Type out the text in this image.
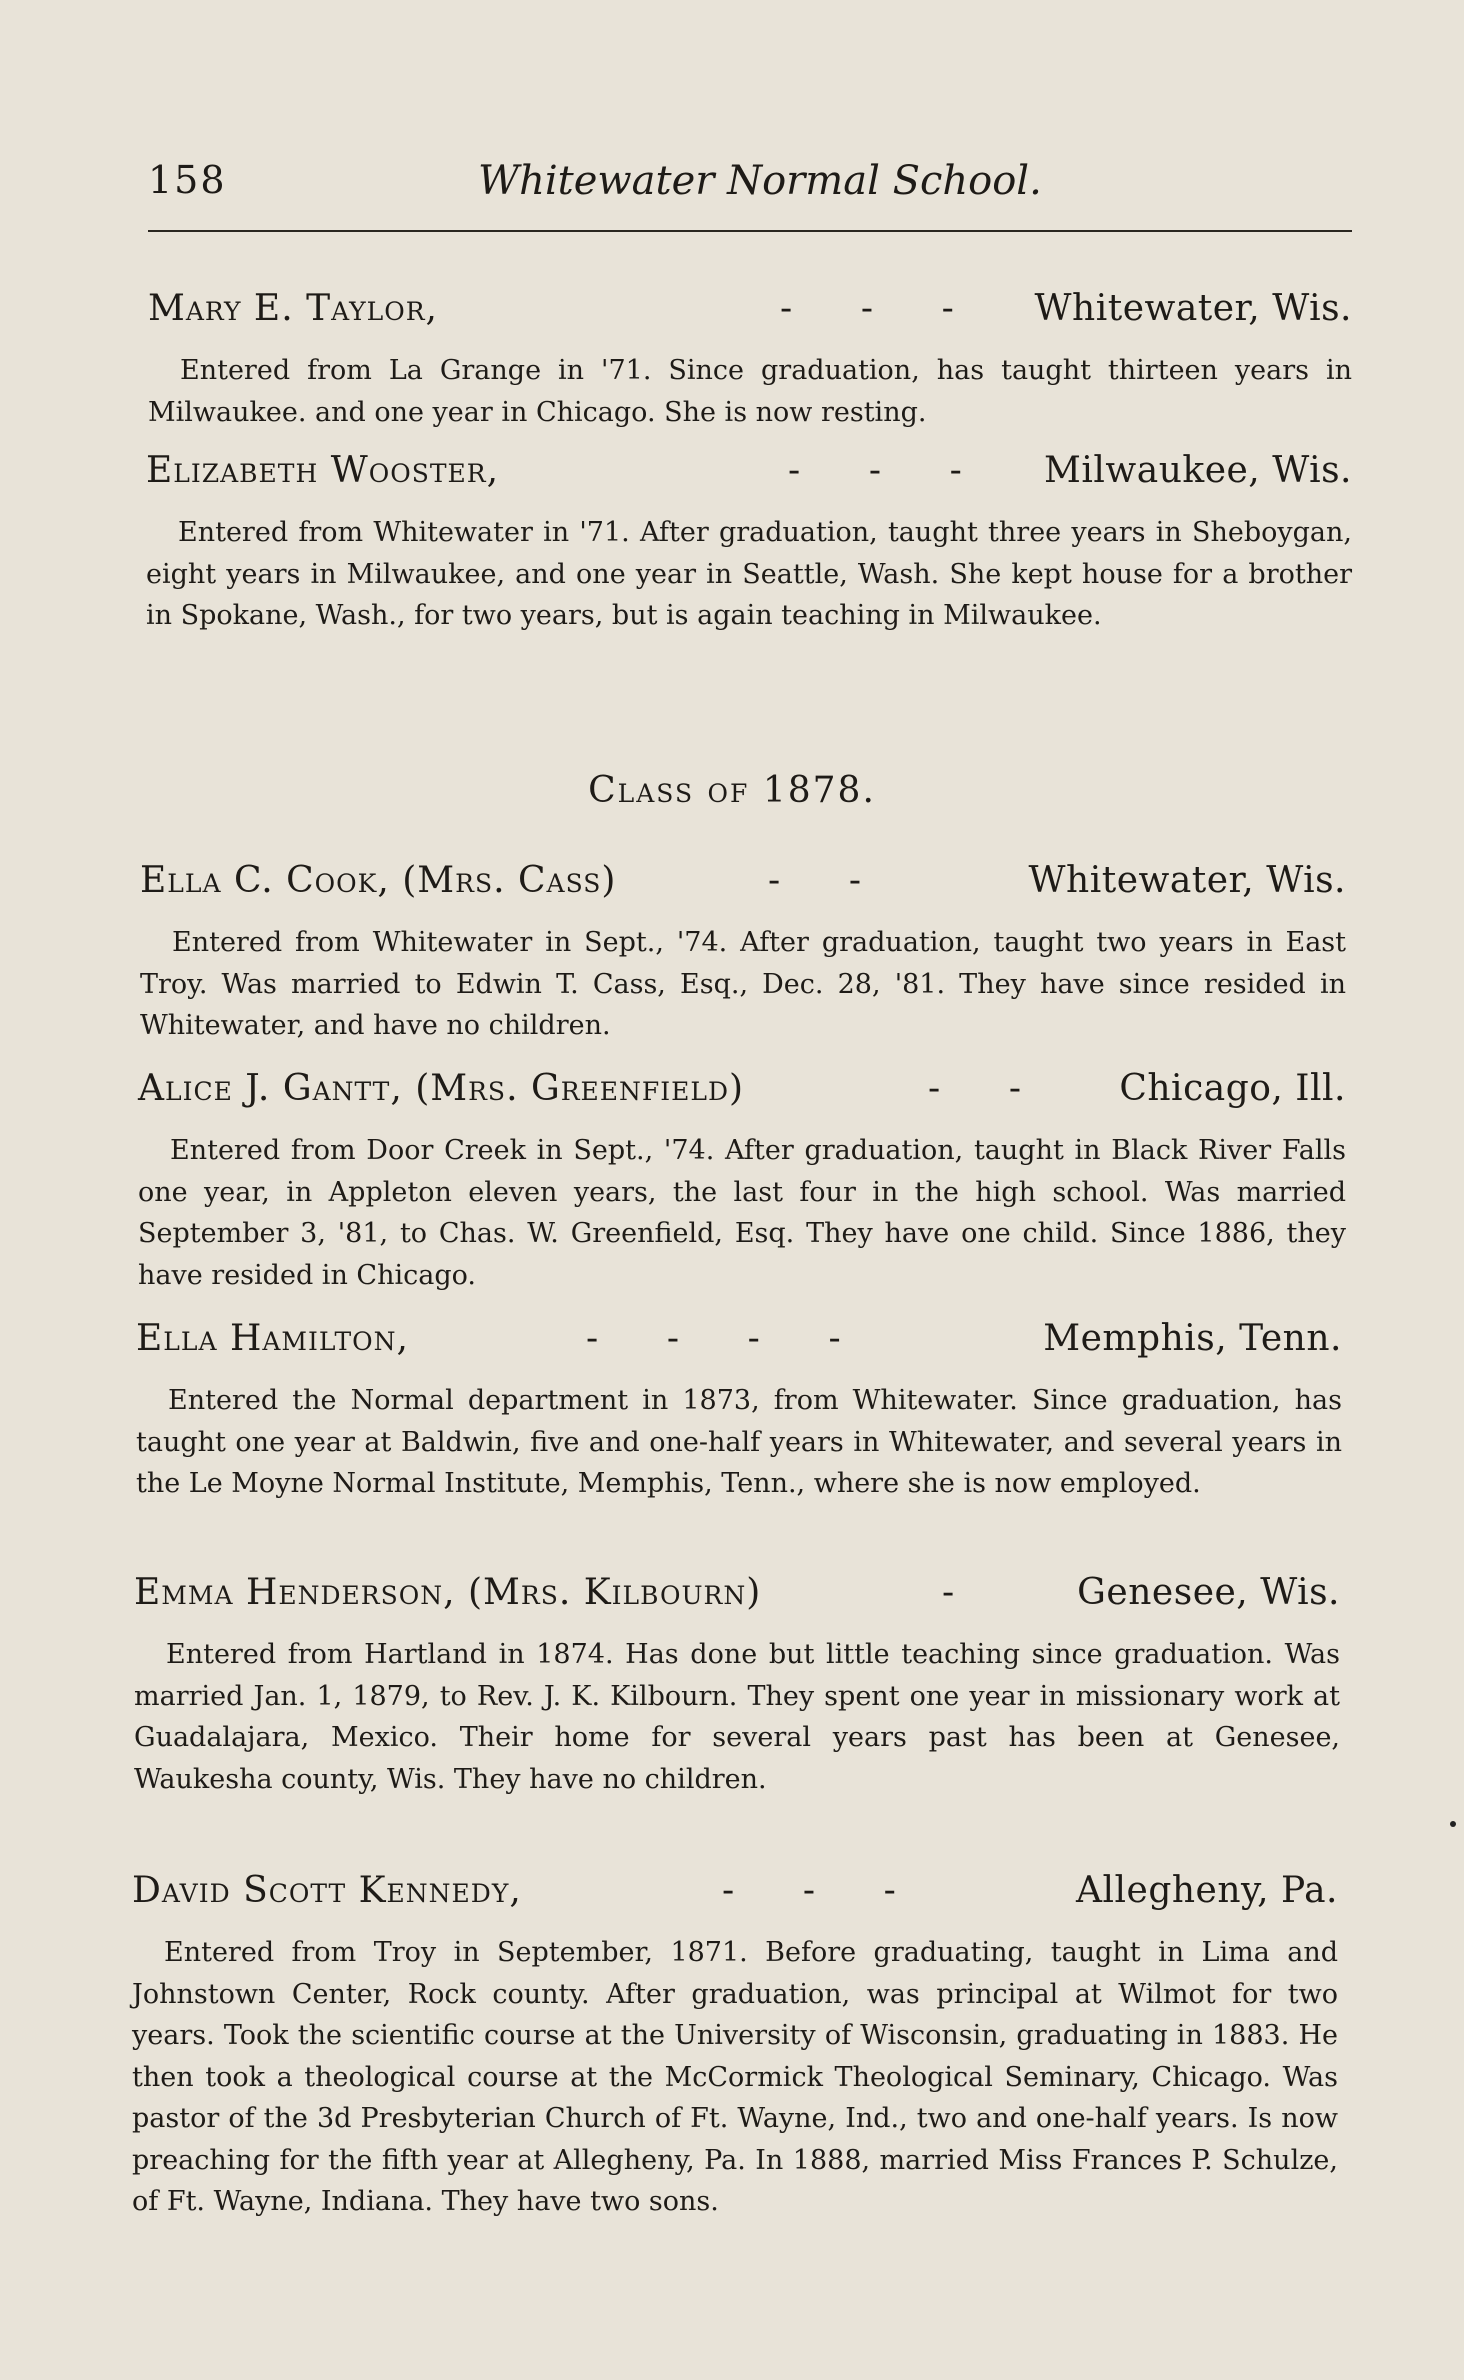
158	Whitewater Normal School.
Mary E. Taylor,	-      -      - Whitewater, Wis.
Entered from La Grange in '71. Since graduation, has taught thirteen years in Milwaukee. and one year in Chicago. She is now resting.
Elizabeth Wooster,	-      -      - Milwaukee, Wis.
Entered from Whitewater in '71. After graduation, taught three years in Sheboygan, eight years in Milwaukee, and one year in Seattle, Wash. She kept house for a brother in Spokane, Wash., for two years, but is again teaching in Milwaukee.
Class of 1878.
Ella C. Cook, (Mrs. Cass)	-      -	Whitewater, Wis.
Entered from Whitewater in Sept., '74. After graduation, taught two years in East Troy. Was married to Edwin T. Cass, Esq., Dec. 28, '81. They have since resided in Whitewater, and have no children.
Alice J. Gantt, (Mrs. Greenfield)	-      -	Chicago, Ill.
Entered from Door Creek in Sept., '74. After graduation, taught in Black River Falls one year, in Appleton eleven years, the last four in the high school. Was married September 3, '81, to Chas. W. Greenfield, Esq. They have one child. Since 1886, they have resided in Chicago.
Ella Hamilton,	-      -      -      -	Memphis, Tenn.
Entered the Normal department in 1873, from Whitewater. Since graduation, has taught one year at Baldwin, five and one-half years in Whitewater, and several years in the Le Moyne Normal Institute, Memphis, Tenn., where she is now employed.
Emma Henderson, (Mrs. Kilbourn)	-	Genesee, Wis.
Entered from Hartland in 1874. Has done but little teaching since graduation. Was married Jan. 1, 1879, to Rev. J. K. Kilbourn. They spent one year in missionary work at Guadalajara, Mexico. Their home for several years past has been at Genesee, Waukesha county, Wis. They have no children.
David Scott Kennedy,	-      -      -	Allegheny, Pa.
Entered from Troy in September, 1871. Before graduating, taught in Lima and Johnstown Center, Rock county. After graduation, was principal at Wilmot for two years. Took the scientific course at the University of Wisconsin, graduating in 1883. He then took a theological course at the McCormick Theological Seminary, Chicago. Was pastor of the 3d Presbyterian Church of Ft. Wayne, Ind., two and one-half years. Is now preaching for the fifth year at Allegheny, Pa. In 1888, married Miss Frances P. Schulze, of Ft. Wayne, Indiana. They have two sons.
